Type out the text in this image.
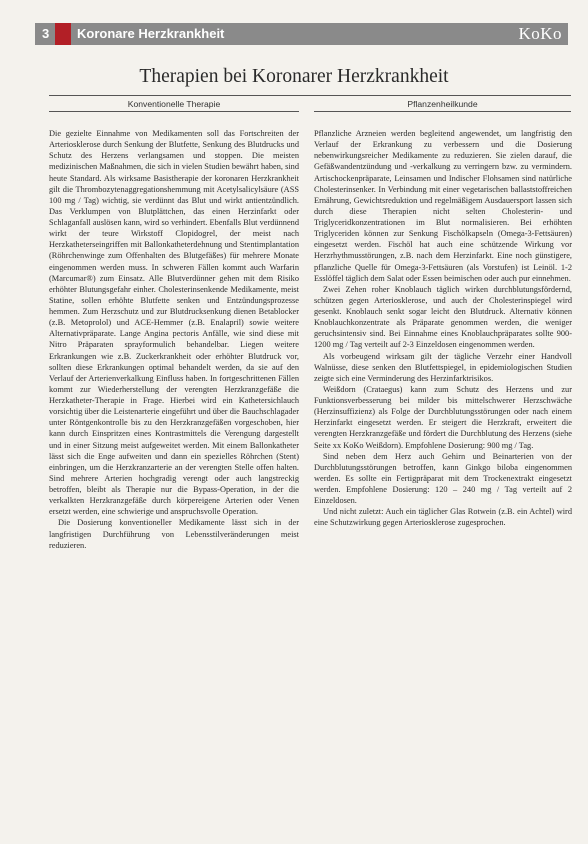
3 Koronare Herzkrankheit	KoKo
Therapien bei Koronarer Herzkrankheit
Konventionelle Therapie	Pflanzenheilkunde

Die gezielte Einnahme von Medikamenten soll das Fortschreiten der Arteriosklerose durch Senkung der Blutfette, Senkung des Blutdrucks und Schutz des Herzens verlangsamen und stoppen. Die meisten medizinischen Maßnahmen, die sich in vielen Studien bewährt haben, sind heute Standard. Als wirksame Basistherapie der koronaren Herzkrankheit gilt die Thrombozytenaggregationshemmung mit Acetylsalicylsäure (ASS 100 mg / Tag) wichtig, sie verdünnt das Blut und wirkt antientzündlich. Das Verklumpen von Blutplättchen, das einen Herzinfarkt oder Schlaganfall auslösen kann, wird so verhindert. Ebenfalls Blut verdünnend wirkt der teure Wirkstoff Clopidogrel, der meist nach Herzkatheterseingriffen mit Ballonkatheterdehnung und Stentimplantation (Röhrchenwinge zum Offenhalten des Blutgefäßes) für mehrere Monate eingenommen werden muss. In schweren Fällen kommt auch Warfarin (Marcumar®) zum Einsatz. Alle Blutverdünner gehen mit dem Risiko erhöhter Blutungsgefahr einher. Cholesterinsenkende Medikamente, meist Statine, sollen erhöhte Blutfette senken und Entzündungsprozesse hemmen. Zum Herzschutz und zur Blutdrucksenkung dienen Betablocker (z.B. Metoprolol) und ACE-Hemmer (z.B. Enalapril) sowie weitere Alternativpräparate. Lange Angina pectoris Anfälle, wie sind diese mit Nitro Präparaten sprayformulich behandelbar. Liegen weitere Erkrankungen wie z.B. Zuckerkrankheit oder erhöhter Blutdruck vor, sollten diese Erkrankungen optimal behandelt werden, da sie auf den Verlauf der Arterienverkalkung Einfluss haben. In fortgeschrittenen Fällen kommt zur Wiederherstellung der verengten Herzkranzgefäße die Herzkatheter-Therapie in Frage. Hierbei wird ein Kathetersichlauch vorsichtig über die Leistenarterie eingeführt und über die Bauchschlagader unter Röntgenkontrolle bis zu den Herzkranzgefäßen vorgeschoben, hier kann durch Einspritzen eines Kontrastmittels die Verengung dargestellt und in einer Sitzung meist aufgeweitet werden. Mit einem Ballonkatheter lässt sich die Enge aufweiten und dann ein spezielles Röhrchen (Stent) einbringen, um die Herzkranzarterie an der verengten Stelle offen halten. Sind mehrere Arterien hochgradig verengt oder auch langstreckig betroffen, bleibt als Therapie nur die Bypass-Operation, in der die verkalkten Herzkranzgefäße durch körpereigene Arterien oder Venen ersetzt werden, eine schwierige und anspruchsvolle Operation.

Die Dosierung konventioneller Medikamente lässt sich in der langfristigen Durchführung von Lebensstilveränderungen meist reduzieren.

Pflanzliche Arzneien werden begleitend angewendet, um langfristig den Verlauf der Erkrankung zu verbessern und die Dosierung nebenwirkungsreicher Medikamente zu reduzieren. Sie zielen darauf, die Gefäßwandentzündung und -verkalkung zu verringern bzw. zu vermindern. Artischockenpräparate, Leinsamen und Indischer Flohsamen sind natürliche Cholesterinsenker. In Verbindung mit einer vegetarischen ballaststoffreichen Ernährung, Gewichtsreduktion und regelmäßigem Ausdauersport lassen sich durch diese Therapien nicht selten Cholesterin- und Triglyceridkonzentrationen im Blut normalisieren. Bei erhöhten Triglyceriden können zur Senkung Fischölkapseln (Omega-3-Fettsäuren) eingesetzt werden. Fischöl hat auch eine schützende Wirkung vor Herzrhythmusstörungen, z.B. nach dem Herzinfarkt. Eine noch günstigere, pflanzliche Quelle für Omega-3-Fettsäuren (als Vorstufen) ist Leinöl. 1-2 Esslöffel täglich dem Salat oder Essen beimischen oder auch pur einnehmen.

Zwei Zehen roher Knoblauch täglich wirken durchblutungsfördernd, schützen gegen Arteriosklerose, und auch der Cholesterinspiegel wird gesenkt. Knoblauch senkt sogar leicht den Blutdruck. Alternativ können Knoblauchkonzentrate als Präparate genommen werden, die weniger geruchsintensiv sind. Bei Einnahme eines Knoblauchpräparates sollte 900-1200 mg / Tag verteilt auf 2-3 Einzeldosen eingenommen werden.

Als vorbeugend wirksam gilt der tägliche Verzehr einer Handvoll Walnüsse, diese senken den Blutfettspiegel, in epidemiologischen Studien zeigte sich eine Verminderung des Herzinfarktrisikos.

Weißdorn (Crataegus) kann zum Schutz des Herzens und zur Funktionsverbesserung bei milder bis mittelschwerer Herzschwäche (Herzinsuffizienz) als Folge der Durchblutungsstörungen oder nach einem Herzinfarkt eingesetzt werden. Er steigert die Herzkraft, erweitert die verengten Herzkranzgefäße und fördert die Durchblutung des Herzens (siehe Seite xx KoKo Weißdorn). Empfohlene Dosierung: 900 mg / Tag.

Sind neben dem Herz auch Gehirn und Beinarterien von der Durchblutungsstörungen betroffen, kann Ginkgo biloba eingenommen werden. Es sollte ein Fertigpräparat mit dem Trockenextrakt eingesetzt werden. Empfohlene Dosierung: 120 – 240 mg / Tag verteilt auf 2 Einzeldosen.

Und nicht zuletzt: Auch ein täglicher Glas Rotwein (z.B. ein Achtel) wird eine Schutzwirkung gegen Arteriosklerose zugesprochen.
